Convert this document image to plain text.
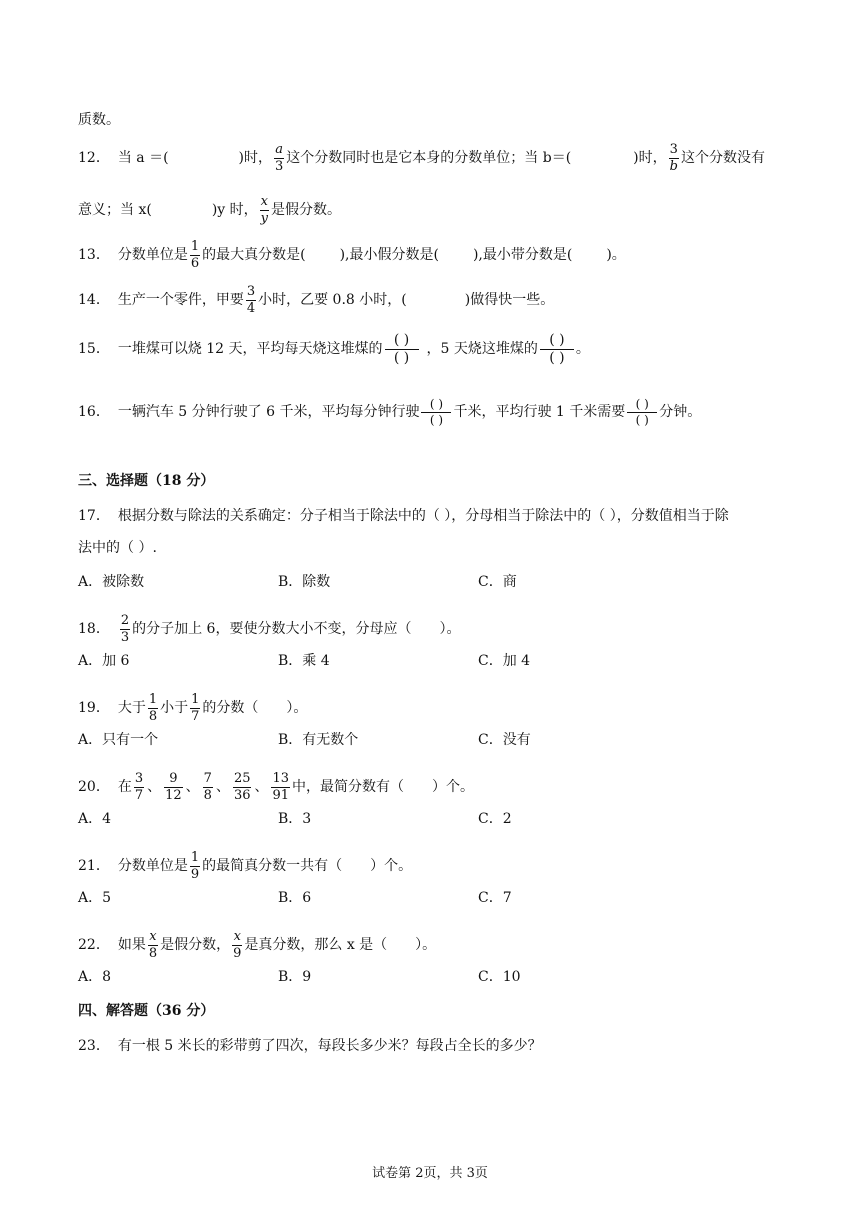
质数。
12． 当 a ＝(	)时， $\frac{a}{3}$ 这个分数同时也是它本身的分数单位；当 b＝(	)时， $\frac{3}{b}$ 这个分数没有
意义；当 x(	)y 时， $\frac{x}{y}$ 是假分数。
13． 分数单位是 $\frac{1}{6}$ 的最大真分数是( ),最小假分数是( ),最小带分数是( )。
14． 生产一个零件，甲要 $\frac{3}{4}$ 小时，乙要 0.8 小时，(	)做得快一些。
15． 一堆煤可以烧 12 天，平均每天烧这堆煤的 $\frac{( )}{( )}$ ，5 天烧这堆煤的 $\frac{( )}{( )}$ 。
16． 一辆汽车 5 分钟行驶了 6 千米，平均每分钟行驶 $\frac{( )}{( )}$ 千米，平均行驶 1 千米需要 $\frac{( )}{( )}$ 分钟。
三、选择题（18 分）
17． 根据分数与除法的关系确定：分子相当于除法中的（ ），分母相当于除法中的（ ），分数值相当于除
法中的（ ）.
A．被除数	B．除数	C．商
18． $\frac{2}{3}$ 的分子加上 6，要使分数大小不变，分母应（　　）。
A．加 6	B．乘 4	C．加 4
19． 大于 $\frac{1}{8}$ 小于 $\frac{1}{7}$ 的分数（　　）。
A．只有一个	B．有无数个	C．没有
20． 在 $\frac{3}{7}$ 、 $\frac{9}{12}$ 、 $\frac{7}{8}$ 、 $\frac{25}{36}$ 、 $\frac{13}{91}$ 中，最简分数有（　　）个。
A．4	B．3	C．2
21． 分数单位是 $\frac{1}{9}$ 的最简真分数一共有（　　）个。
A．5	B．6	C．7
22． 如果 $\frac{x}{8}$ 是假分数， $\frac{x}{9}$ 是真分数，那么 x 是（　　）。
A．8	B．9	C．10
四、解答题（36 分）
23． 有一根 5 米长的彩带剪了四次，每段长多少米？每段占全长的多少？
试卷第 2页，共 3页
